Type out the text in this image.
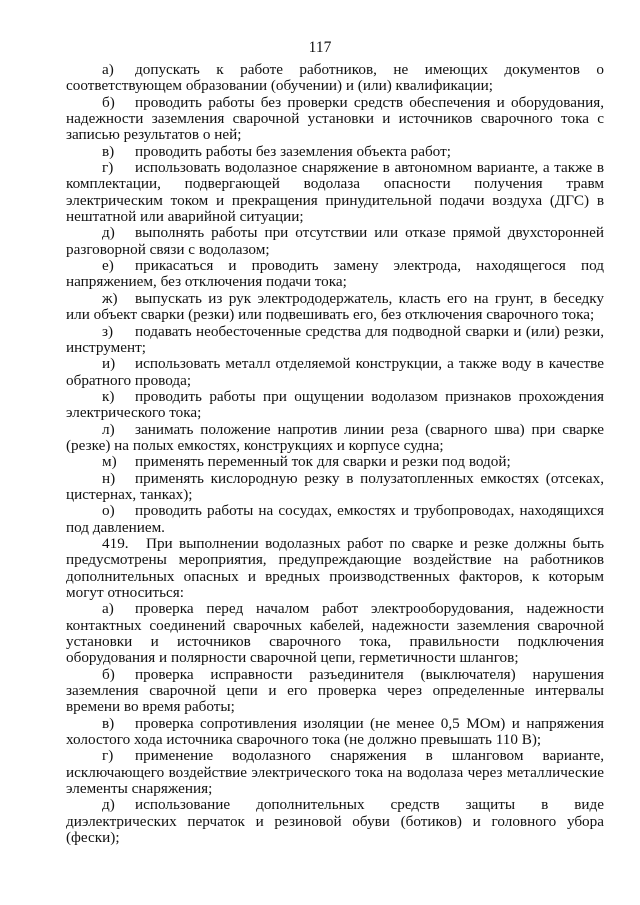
117

а) допускать к работе работников, не имеющих документов о соответствующем образовании (обучении) и (или) квалификации;

б) проводить работы без проверки средств обеспечения и оборудования, надежности заземления сварочной установки и источников сварочного тока с записью результатов о ней;

в) проводить работы без заземления объекта работ;

г) использовать водолазное снаряжение в автономном варианте, а также в комплектации, подвергающей водолаза опасности получения травм электрическим током и прекращения принудительной подачи воздуха (ДГС) в нештатной или аварийной ситуации;

д) выполнять работы при отсутствии или отказе прямой двухсторонней разговорной связи с водолазом;

е) прикасаться и проводить замену электрода, находящегося под напряжением, без отключения подачи тока;

ж) выпускать из рук электрододержатель, класть его на грунт, в беседку или объект сварки (резки) или подвешивать его, без отключения сварочного тока;

з) подавать необесточенные средства для подводной сварки и (или) резки, инструмент;

и) использовать металл отделяемой конструкции, а также воду в качестве обратного провода;

к) проводить работы при ощущении водолазом признаков прохождения электрического тока;

л) занимать положение напротив линии реза (сварного шва) при сварке (резке) на полых емкостях, конструкциях и корпусе судна;

м) применять переменный ток для сварки и резки под водой;

н) применять кислородную резку в полузатопленных емкостях (отсеках, цистернах, танках);

о) проводить работы на сосудах, емкостях и трубопроводах, находящихся под давлением.

419. При выполнении водолазных работ по сварке и резке должны быть предусмотрены мероприятия, предупреждающие воздействие на работников дополнительных опасных и вредных производственных факторов, к которым могут относиться:

а) проверка перед началом работ электрооборудования, надежности контактных соединений сварочных кабелей, надежности заземления сварочной установки и источников сварочного тока, правильности подключения оборудования и полярности сварочной цепи, герметичности шлангов;

б) проверка исправности разъединителя (выключателя) нарушения заземления сварочной цепи и его проверка через определенные интервалы времени во время работы;

в) проверка сопротивления изоляции (не менее 0,5 МОм) и напряжения холостого хода источника сварочного тока (не должно превышать 110 В);

г) применение водолазного снаряжения в шланговом варианте, исключающего воздействие электрического тока на водолаза через металлические элементы снаряжения;

д) использование дополнительных средств защиты в виде диэлектрических перчаток и резиновой обуви (ботиков) и головного убора (фески);
